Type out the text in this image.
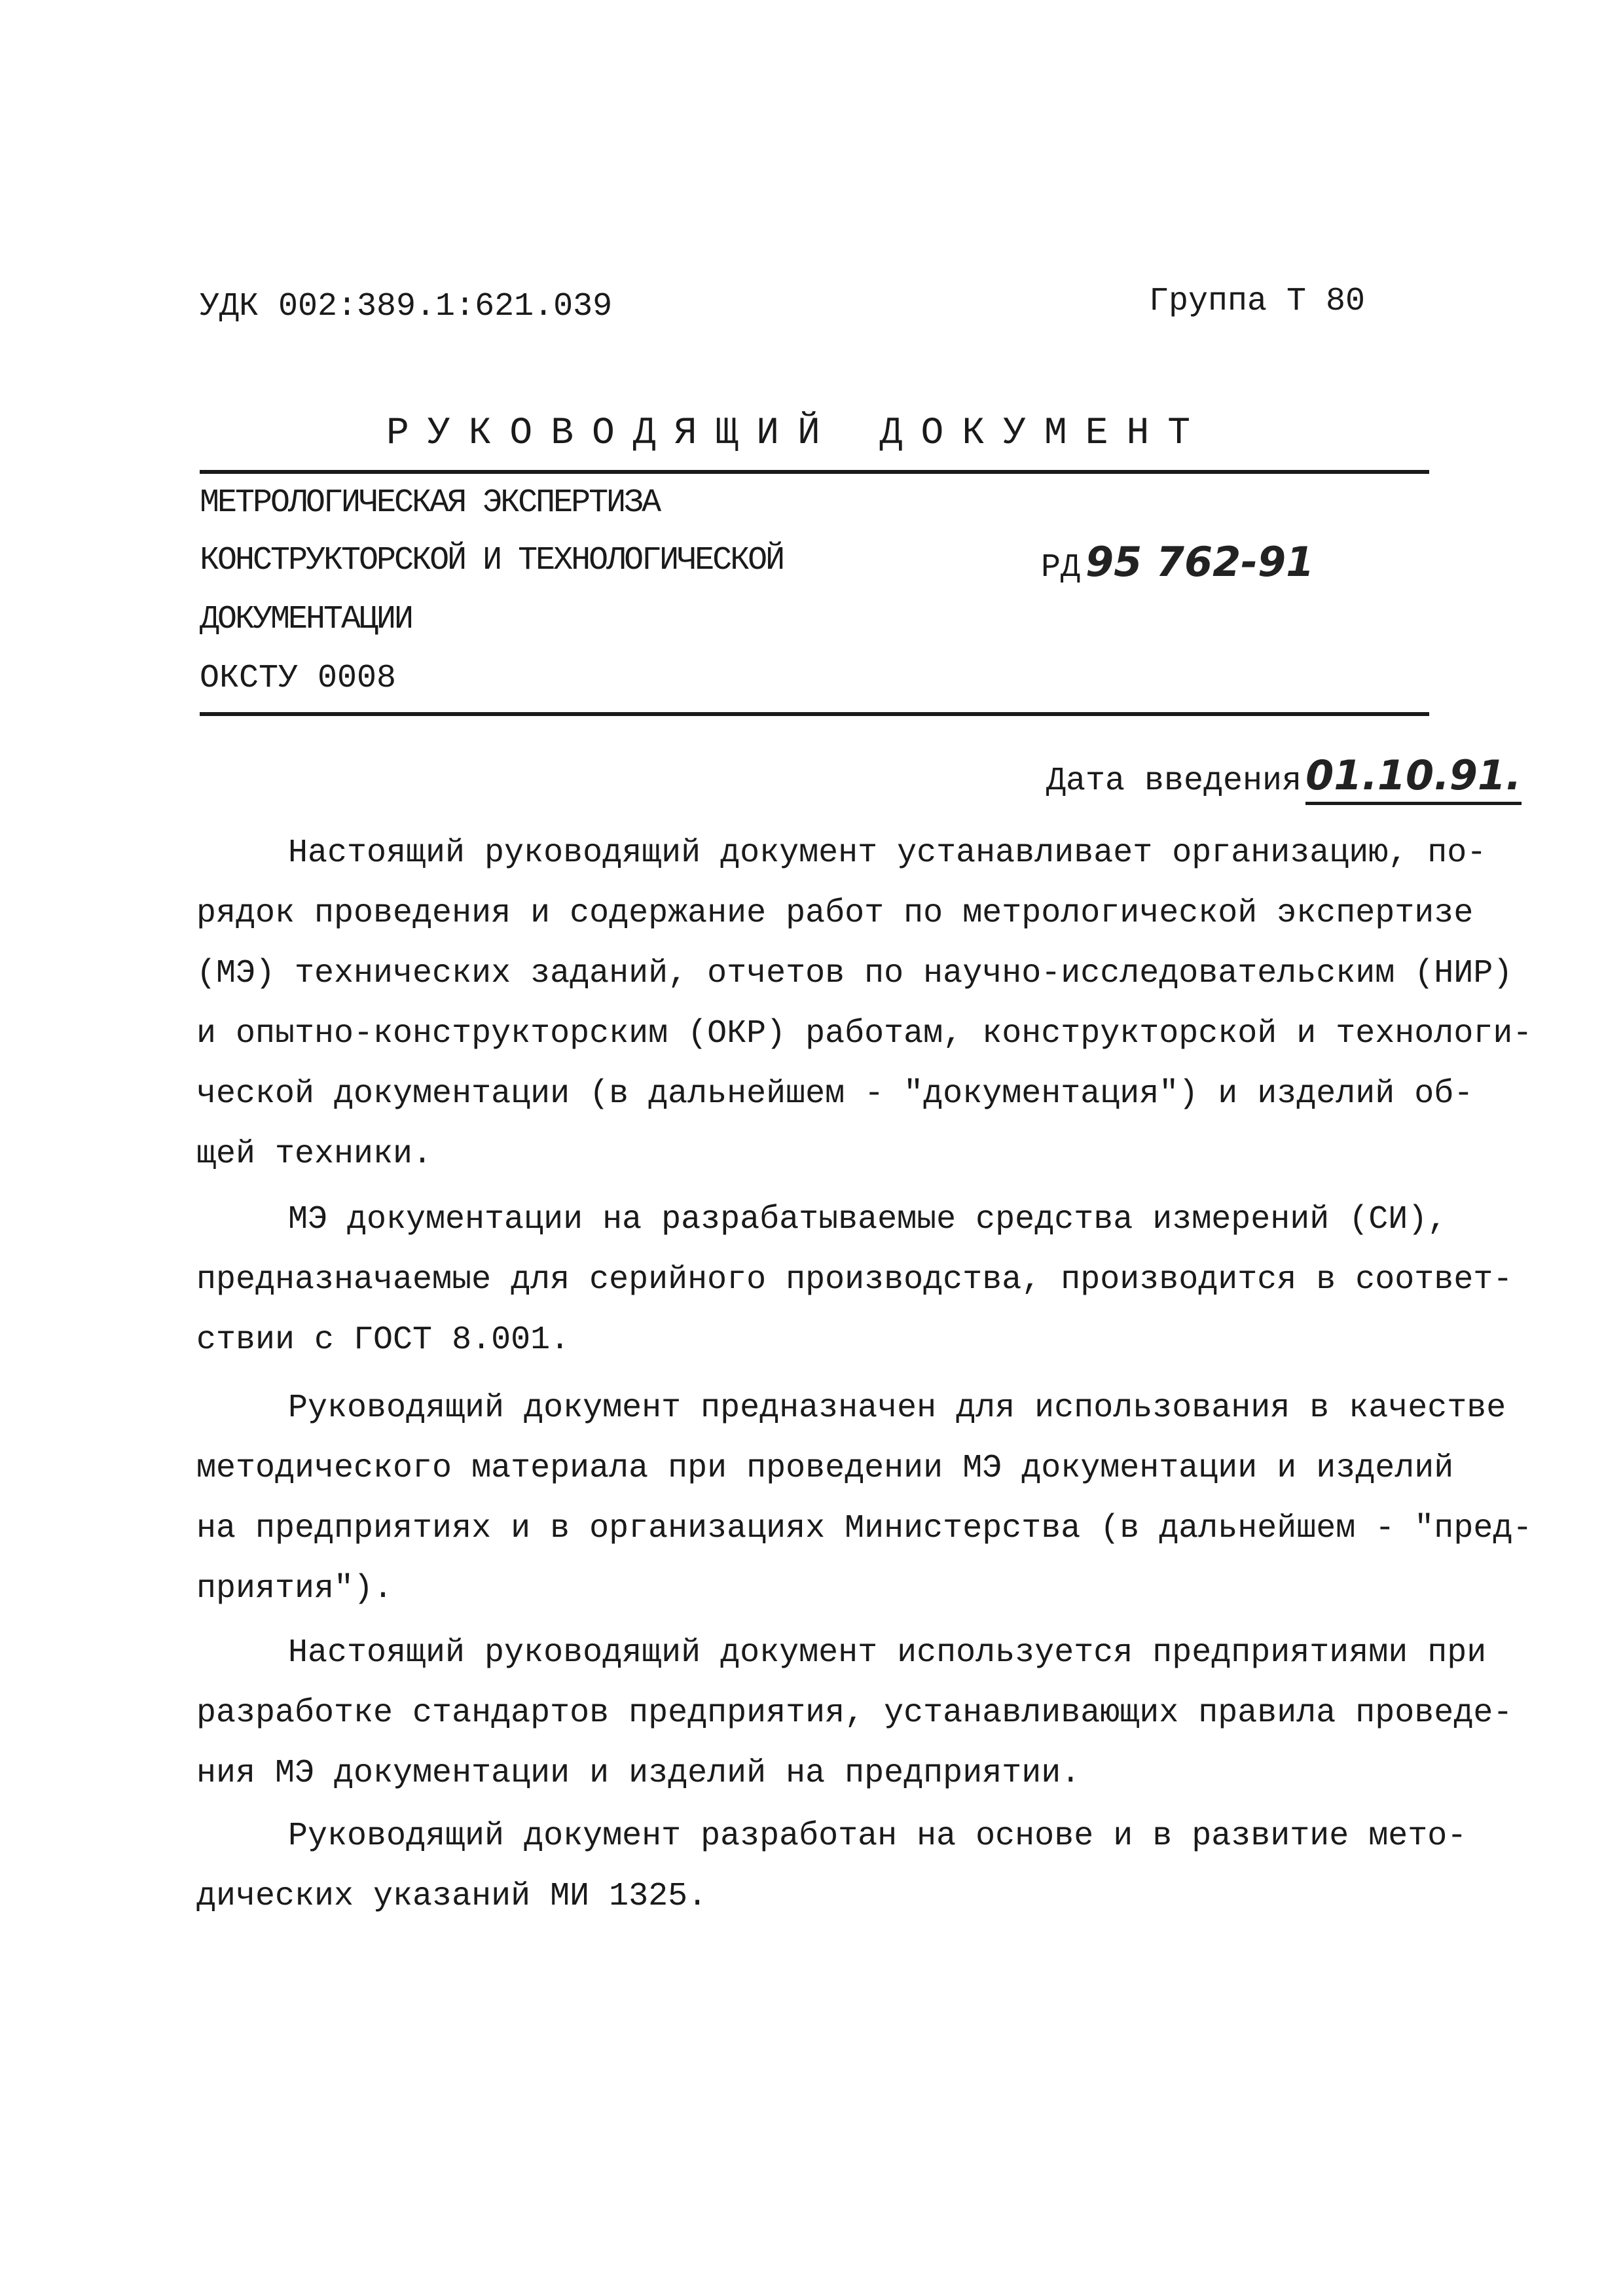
УДК 002:389.1:621.039	Группа Т 80
РУКОВОДЯЩИЙ ДОКУМЕНТ
МЕТРОЛОГИЧЕСКАЯ ЭКСПЕРТИЗА
КОНСТРУКТОРСКОЙ И ТЕХНОЛОГИЧЕСКОЙ
ДОКУМЕНТАЦИИ
ОКСТУ 0008
РД 95 762-91
Дата введения01.10.91.
Настоящий руководящий документ устанавливает организацию, по-
рядок проведения и содержание работ по метрологической экспертизе
(МЭ) технических заданий, отчетов по научно-исследовательским (НИР)
и опытно-конструкторским (ОКР) работам, конструкторской и технологи-
ческой документации (в дальнейшем - "документация") и изделий об-
щей техники.
МЭ документации на разрабатываемые средства измерений (СИ),
предназначаемые для серийного производства, производится в соответ-
ствии с ГОСТ 8.001.
Руководящий документ предназначен для использования в качестве
методического материала при проведении МЭ документации и изделий
на предприятиях и в организациях Министерства (в дальнейшем - "пред-
приятия").
Настоящий руководящий документ используется предприятиями при
разработке стандартов предприятия, устанавливающих правила проведе-
ния МЭ документации и изделий на предприятии.
Руководящий документ разработан на основе и в развитие мето-
дических указаний МИ 1325.
